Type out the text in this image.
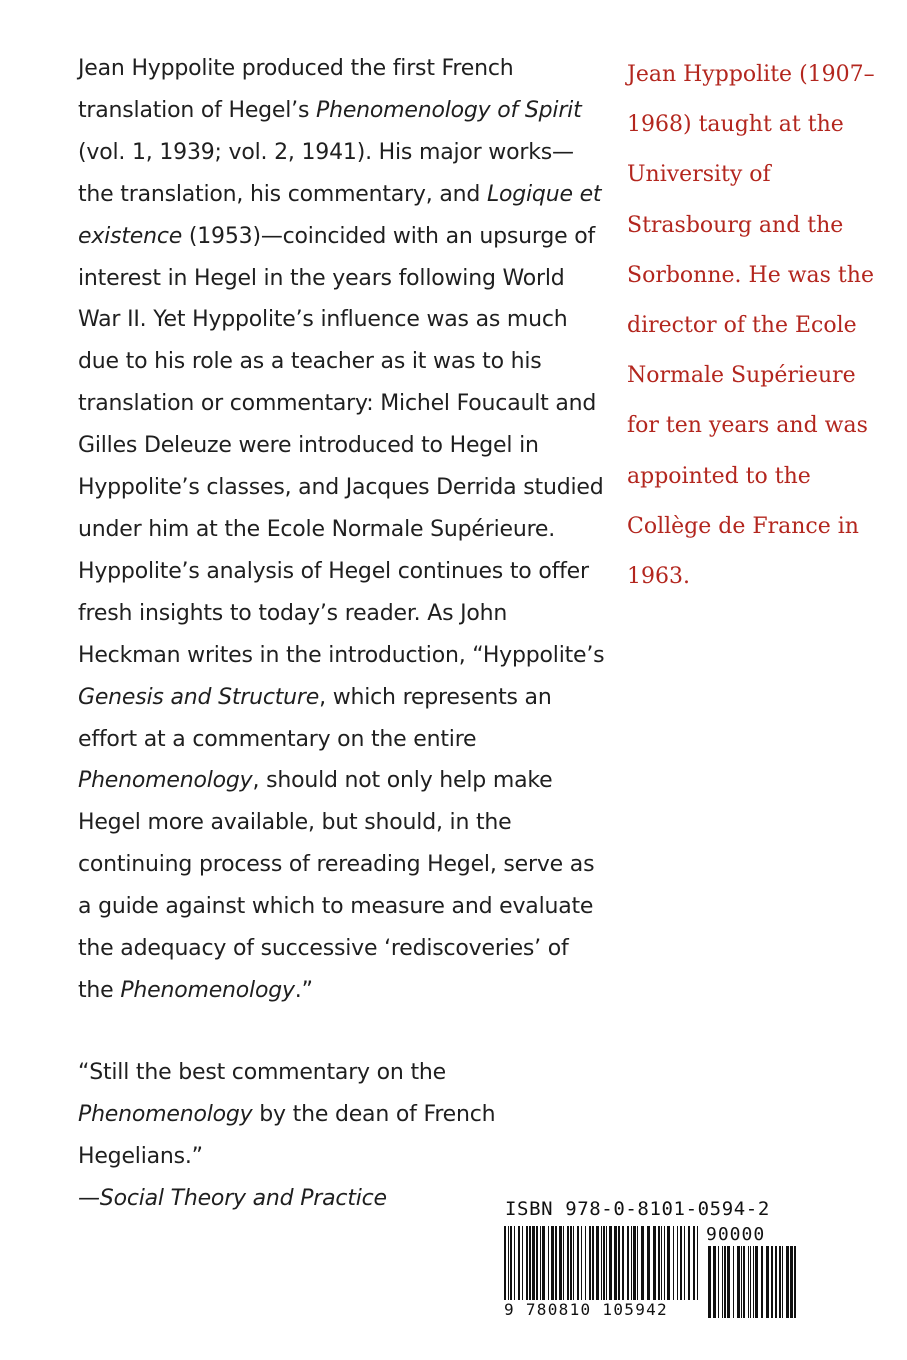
Jean Hyppolite produced the first French translation of Hegel’s Phenomenology of Spirit (vol. 1, 1939; vol. 2, 1941). His major works—the translation, his commentary, and Logique et existence (1953)—coincided with an upsurge of interest in Hegel in the years following World War II. Yet Hyppolite’s influence was as much due to his role as a teacher as it was to his translation or commentary: Michel Foucault and Gilles Deleuze were introduced to Hegel in Hyppolite’s classes, and Jacques Derrida studied under him at the Ecole Normale Supérieure. Hyppolite’s analysis of Hegel continues to offer fresh insights to today’s reader. As John Heckman writes in the introduction, “Hyppolite’s Genesis and Structure, which represents an effort at a commentary on the entire Phenomenology, should not only help make Hegel more available, but should, in the continuing process of rereading Hegel, serve as a guide against which to measure and evaluate the adequacy of successive ‘rediscoveries’ of the Phenomenology.”

“Still the best commentary on the Phenomenology by the dean of French Hegelians.”

—Social Theory and Practice

Jean Hyppolite (1907–1968) taught at the University of Strasbourg and the Sorbonne. He was the director of the Ecole Normale Supérieure for ten years and was appointed to the Collège de France in 1963.

ISBN 978-0-8101-0594-2
90000
9 780810 105942
